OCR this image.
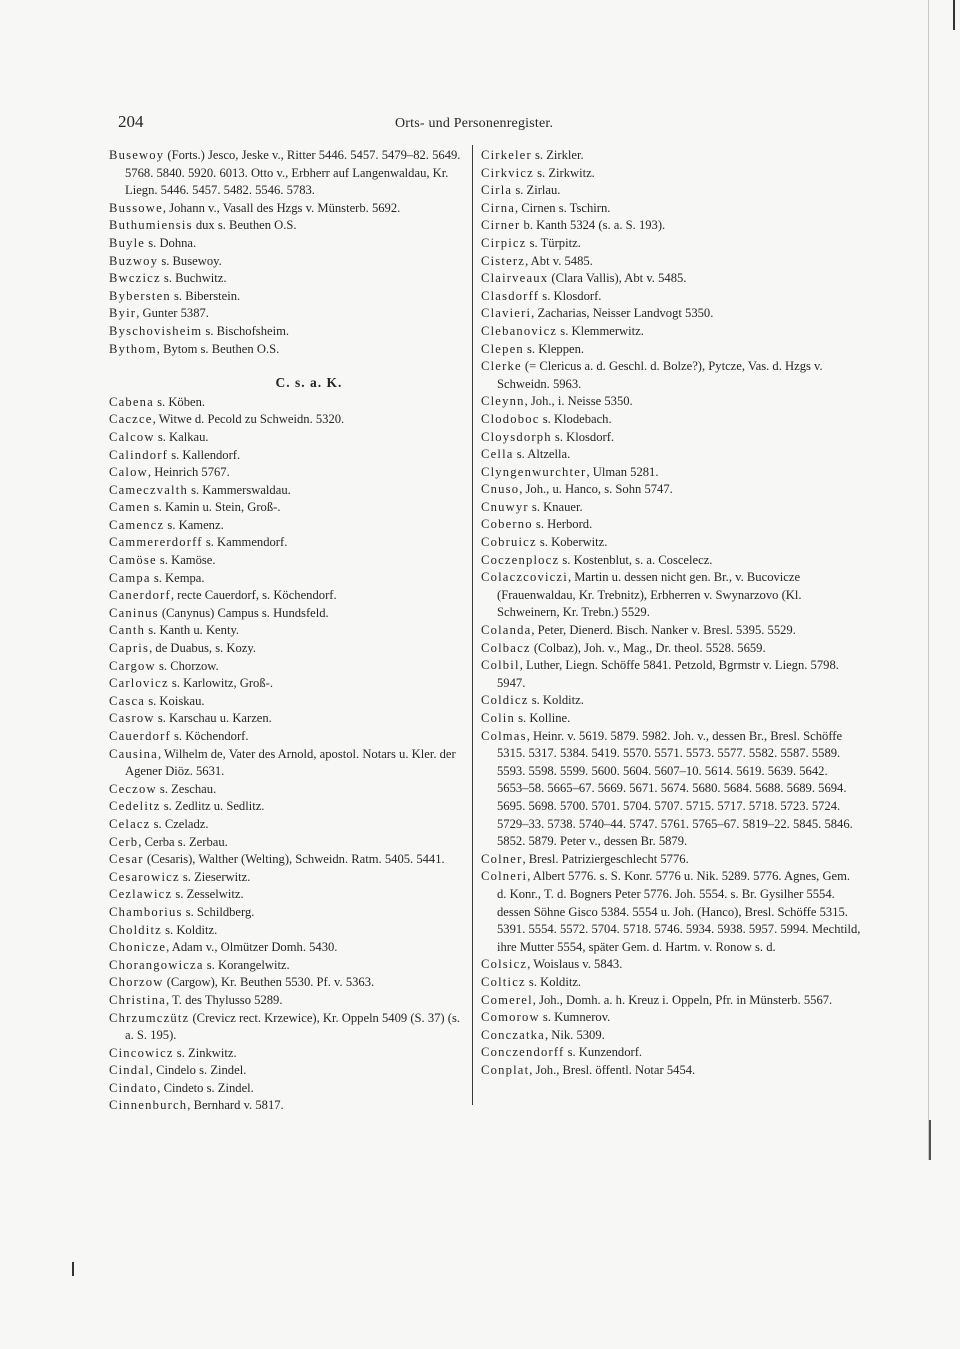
204	Orts- und Personenregister.
Busewoy (Forts.) Jesco, Jeske v., Ritter 5446. 5457. 5479–82. 5649. 5768. 5840. 5920. 6013. Otto v., Erbherr auf Langenwaldau, Kr. Liegn. 5446. 5457. 5482. 5546. 5783.
Bussowe, Johann v., Vasall des Hzgs v. Münsterb. 5692.
Buthumiensis dux s. Beuthen O.S.
Buyle s. Dohna.
Buzwoy s. Busewoy.
Bwczicz s. Buchwitz.
Bybersten s. Biberstein.
Byir, Gunter 5387.
Byschovisheim s. Bischofsheim.
Bythom, Bytom s. Beuthen O.S.
C. s. a. K.
Cabena s. Köben.
Caczce, Witwe d. Pecold zu Schweidn. 5320.
Calcow s. Kalkau.
Calindorf s. Kallendorf.
Calow, Heinrich 5767.
Cameczvalth s. Kammerswaldau.
Camen s. Kamin u. Stein, Groß-.
Camencz s. Kamenz.
Cammererdorff s. Kammendorf.
Camöse s. Kamöse.
Campa s. Kempa.
Canerdorf, recte Cauerdorf, s. Köchendorf.
Caninus (Canynus) Campus s. Hundsfeld.
Canth s. Kanth u. Kenty.
Capris, de Duabus, s. Kozy.
Cargow s. Chorzow.
Carlovicz s. Karlowitz, Groß-.
Casca s. Koiskau.
Casrow s. Karschau u. Karzen.
Cauerdorf s. Köchendorf.
Causina, Wilhelm de, Vater des Arnold, apostol. Notars u. Kler. der Agener Diöz. 5631.
Ceczow s. Zeschau.
Cedelitz s. Zedlitz u. Sedlitz.
Celacz s. Czeladz.
Cerb, Cerba s. Zerbau.
Cesar (Cesaris), Walther (Welting), Schweidn. Ratm. 5405. 5441.
Cesarowicz s. Zieserwitz.
Cezlawicz s. Zesselwitz.
Chamborius s. Schildberg.
Cholditz s. Kolditz.
Chonicze, Adam v., Olmützer Domh. 5430.
Chorangowicza s. Korangelwitz.
Chorzow (Cargow), Kr. Beuthen 5530. Pf. v. 5363.
Christina, T. des Thylusso 5289.
Chrzumczütz (Crevicz rect. Krzewice), Kr. Oppeln 5409 (S. 37) (s. a. S. 195).
Cincowicz s. Zinkwitz.
Cindal, Cindelo s. Zindel.
Cindato, Cindeto s. Zindel.
Cinnenburch, Bernhard v. 5817.
Cirkeler s. Zirkler.
Cirkvicz s. Zirkwitz.
Cirla s. Zirlau.
Cirna, Cirnen s. Tschirn.
Cirner b. Kanth 5324 (s. a. S. 193).
Cirpicz s. Türpitz.
Cisterz, Abt v. 5485.
Clairveaux (Clara Vallis), Abt v. 5485.
Clasdorff s. Klosdorf.
Clavieri, Zacharias, Neisser Landvogt 5350.
Clebanovicz s. Klemmerwitz.
Clepen s. Kleppen.
Clerke (= Clericus a. d. Geschl. d. Bolze?), Pytcze, Vas. d. Hzgs v. Schweidn. 5963.
Cleynn, Joh., i. Neisse 5350.
Clodoboc s. Klodebach.
Cloysdorph s. Klosdorf.
Cella s. Altzella.
Clyngenwurchter, Ulman 5281.
Cnuso, Joh., u. Hanco, s. Sohn 5747.
Cnuwyr s. Knauer.
Coberno s. Herbord.
Cobruicz s. Koberwitz.
Coczenplocz s. Kostenblut, s. a. Cosceleсz.
Colaczcoviczi, Martin u. dessen nicht gen. Br., v. Bucovicze (Frauenwaldau, Kr. Trebnitz), Erbherren v. Swynarzovo (Kl. Schweinern, Kr. Trebn.) 5529.
Colanda, Peter, Dienerd. Bisch. Nanker v. Bresl. 5395. 5529.
Colbacz (Colbaz), Joh. v., Mag., Dr. theol. 5528. 5659.
Colbil, Luther, Liegn. Schöffe 5841. Petzold, Bgrmstr v. Liegn. 5798. 5947.
Coldicz s. Kolditz.
Colin s. Kolline.
Colmas, Heinr. v. 5619. 5879. 5982. Joh. v., dessen Br., Bresl. Schöffe 5315. 5317. 5384. 5419. 5570. 5571. 5573. 5577. 5582. 5587. 5589. 5593. 5598. 5599. 5600. 5604. 5607–10. 5614. 5619. 5639. 5642. 5653–58. 5665–67. 5669. 5671. 5674. 5680. 5684. 5688. 5689. 5694. 5695. 5698. 5700. 5701. 5704. 5707. 5715. 5717. 5718. 5723. 5724. 5729–33. 5738. 5740–44. 5747. 5761. 5765–67. 5819–22. 5845. 5846. 5852. 5879. Peter v., dessen Br. 5879.
Colner, Bresl. Patriziergeschlecht 5776.
Colneri, Albert 5776. s. S. Konr. 5776 u. Nik. 5289. 5776. Agnes, Gem. d. Konr., T. d. Bogners Peter 5776. Joh. 5554. s. Br. Gysilher 5554. dessen Söhne Gisco 5384. 5554 u. Joh. (Hanco), Bresl. Schöffe 5315. 5391. 5554. 5572. 5704. 5718. 5746. 5934. 5938. 5957. 5994. Mechtild, ihre Mutter 5554, später Gem. d. Hartm. v. Ronow s. d.
Colsicz, Woislaus v. 5843.
Colticz s. Kolditz.
Comerel, Joh., Domh. a. h. Kreuz i. Oppeln, Pfr. in Münsterb. 5567.
Comorow s. Kumnerov.
Conczatka, Nik. 5309.
Conczendorff s. Kunzendorf.
Conplat, Joh., Bresl. öffentl. Notar 5454.
